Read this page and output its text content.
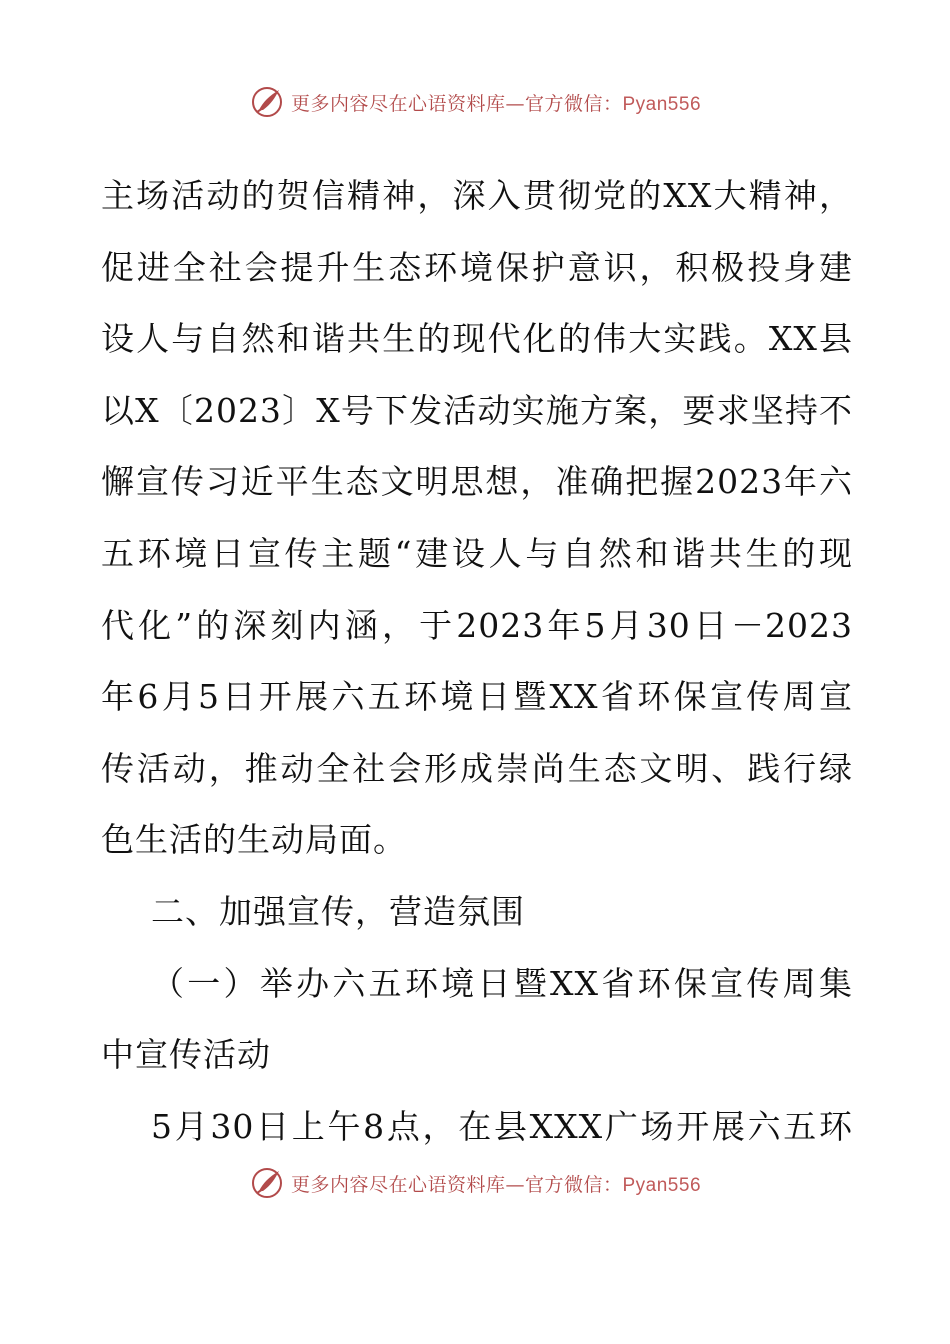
更多内容尽在心语资料库—官方微信：Pyan556
主场活动的贺信精神，深入贯彻党的XX大精神，
促进全社会提升生态环境保护意识，积极投身建
设人与自然和谐共生的现代化的伟大实践。XX县
以X〔2023〕X号下发活动实施方案，要求坚持不
懈宣传习近平生态文明思想，准确把握2023年六
五环境日宣传主题“建设人与自然和谐共生的现
代化”的深刻内涵，于2023年5月30日－2023
年6月5日开展六五环境日暨XX省环保宣传周宣
传活动，推动全社会形成崇尚生态文明、践行绿
色生活的生动局面。
二、加强宣传，营造氛围
（一）举办六五环境日暨XX省环保宣传周集
中宣传活动
5月30日上午8点，在县XXX广场开展六五环
更多内容尽在心语资料库—官方微信：Pyan556
